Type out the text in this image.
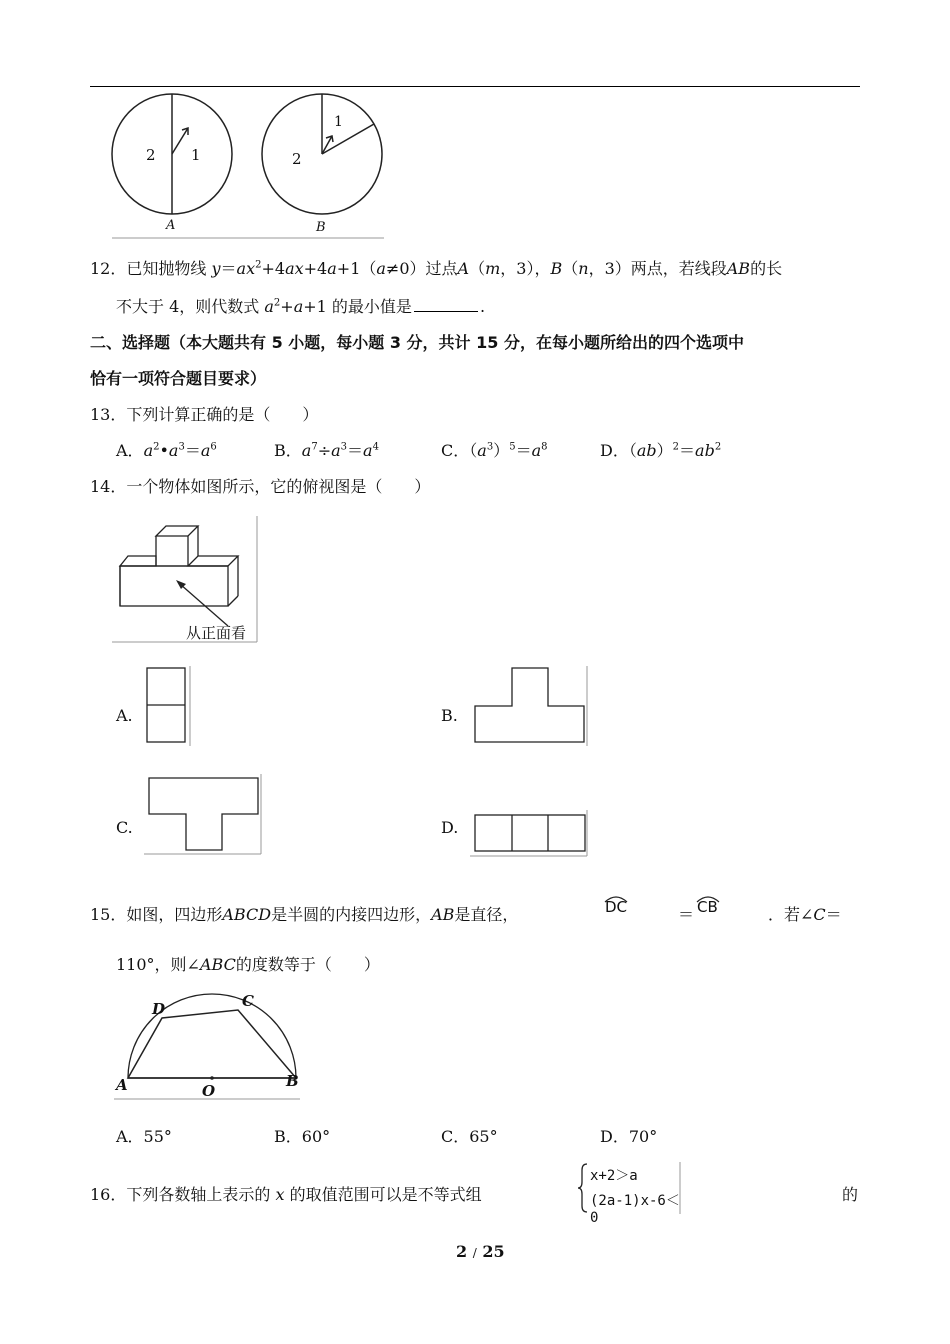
2 1
A
1
2
B
12．已知抛物线 $y=ax^2+4ax+4a+1(a\ne 0)$过点A（m，3），B（n，3）两点，若线段AB的长
不大于 4，则代数式 $a^2+a+1$ 的最小值是	.
二、选择题（本大题共有 5 小题，每小题 3 分，共计 15 分，在每小题所给出的四个选项中
恰有一项符合题目要求）
13．下列计算正确的是（　　）
A．$a^2•a^3=a^6$	B．$a^7\div a^3=a^4$	C．$(a^3)^5=a^8$	D．$(ab)^2=ab^2$
14．一个物体如图所示，它的俯视图是（　　）
从正面看
A.	B.
C.	D.
15．如图，四边形ABCD是半圆的内接四边形，AB是直径，	DC	＝ CB	．若∠C＝
110°，则∠ABC的度数等于（　　）
D	C
A	O
B
A．55°	B．60°	C．65°	D．70°
16．下列各数轴上表示的 x 的取值范围可以是不等式组
x+2＞a
(2a-1)x-6＜0
的
2 / 25
